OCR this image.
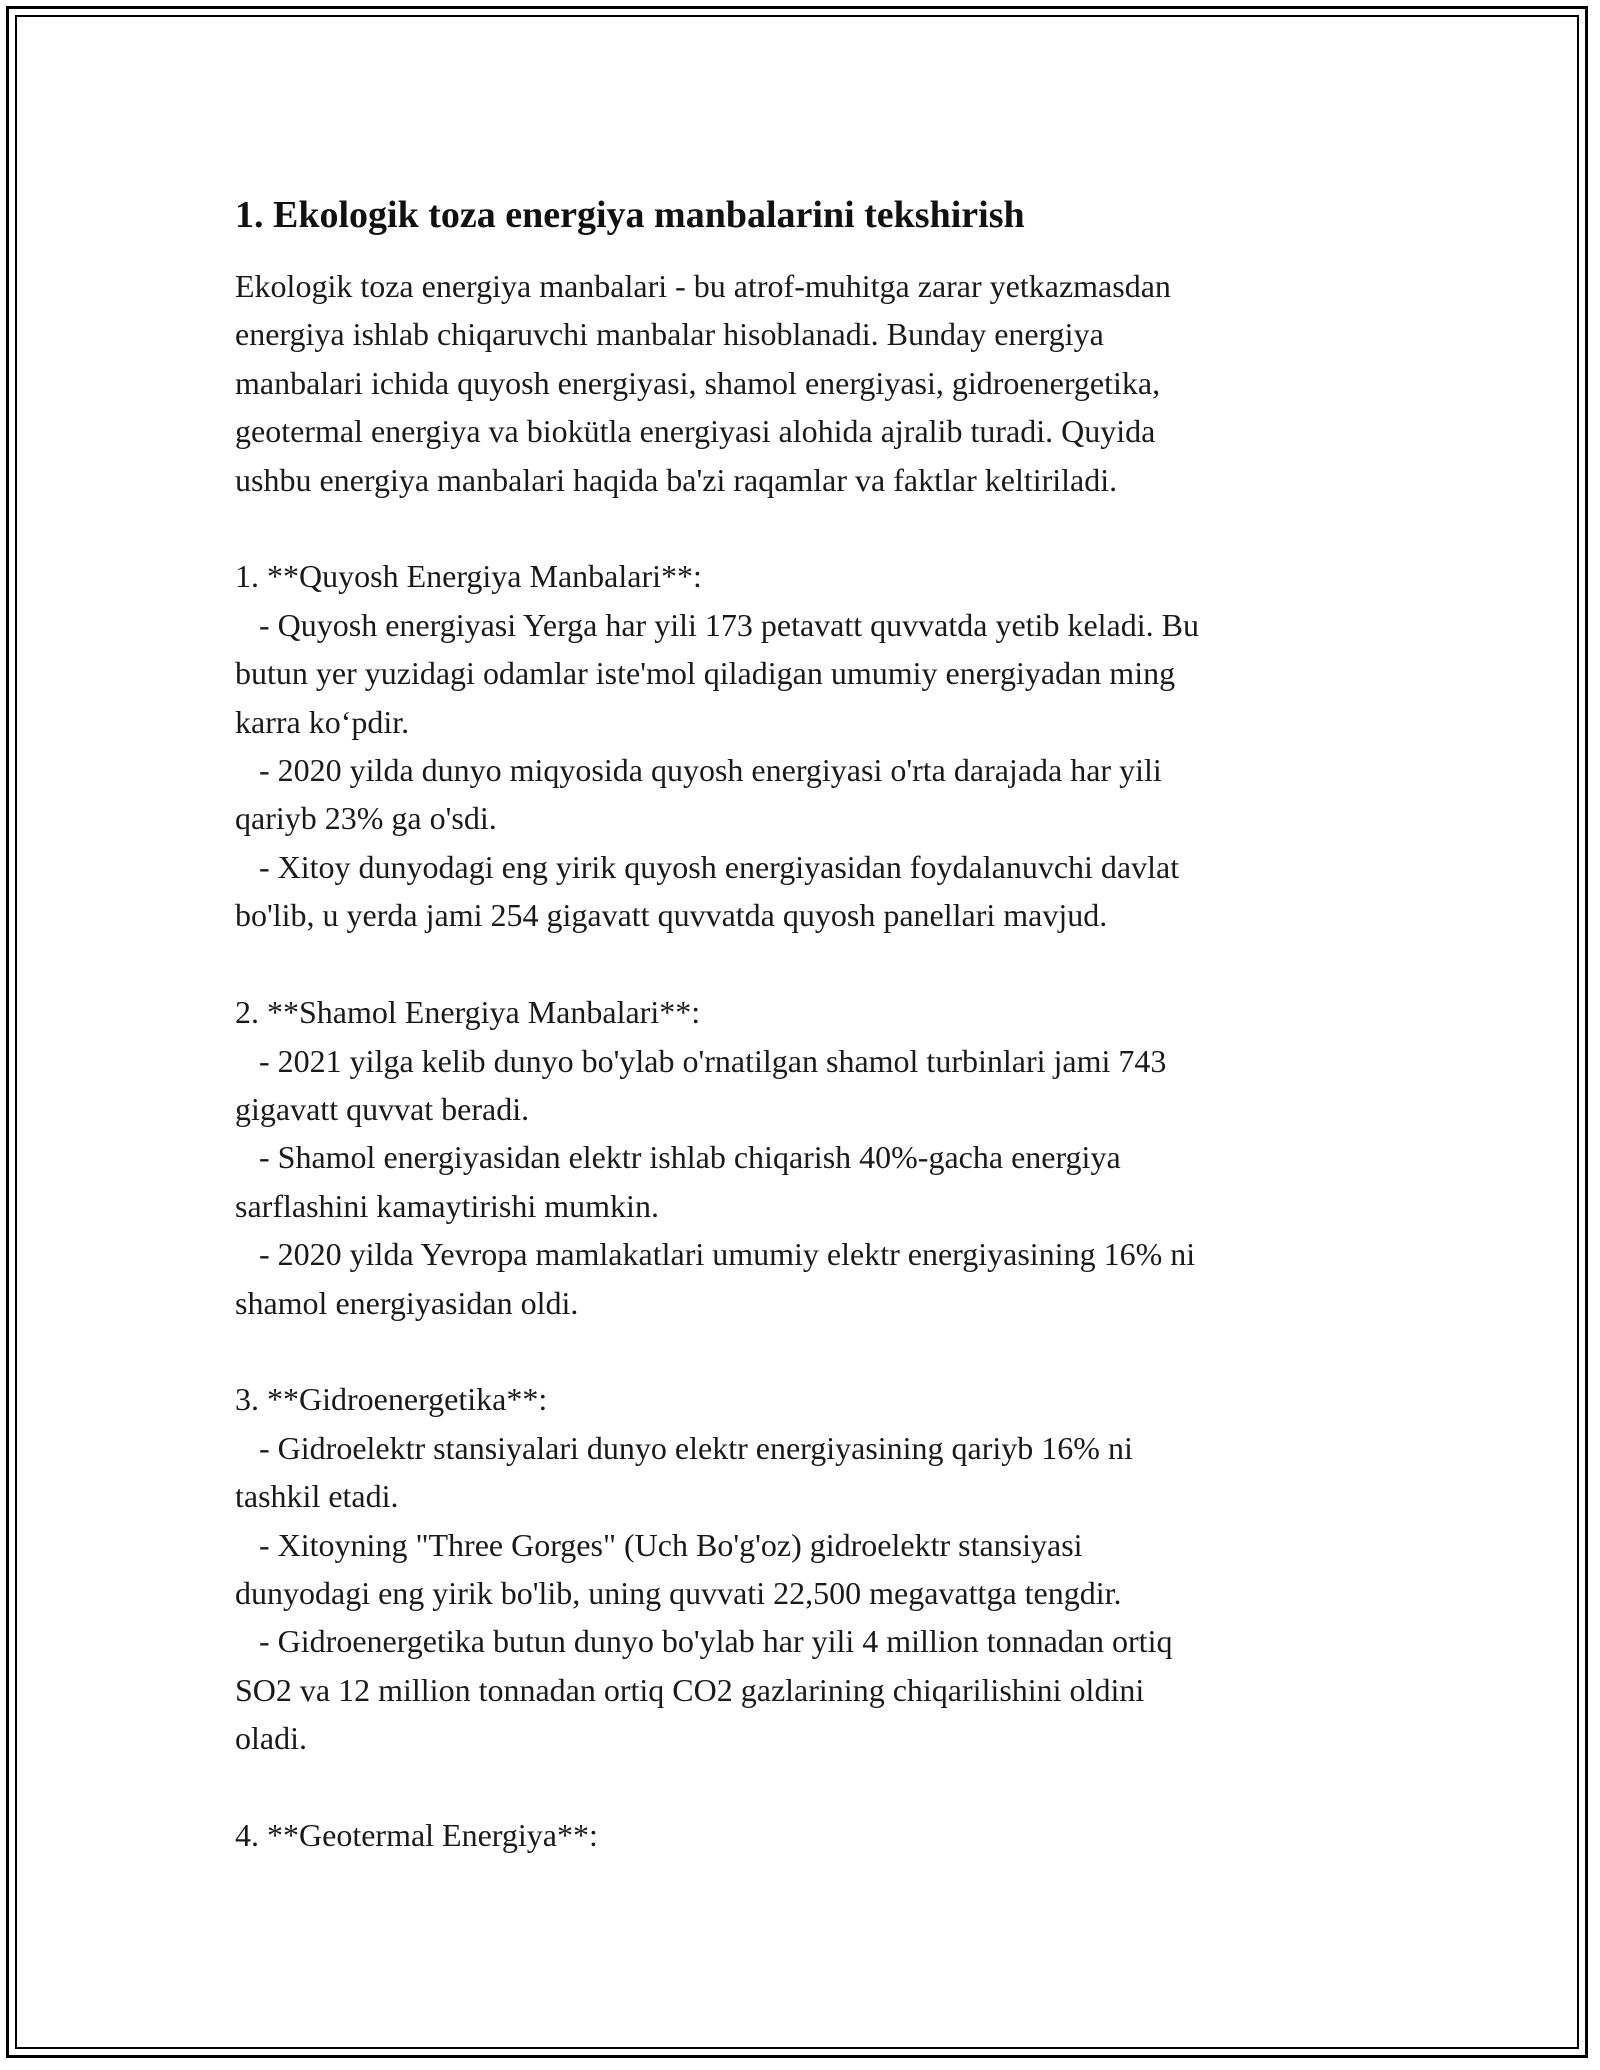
1. Ekologik toza energiya manbalarini tekshirish
Ekologik toza energiya manbalari - bu atrof-muhitga zarar yetkazmasdan
energiya ishlab chiqaruvchi manbalar hisoblanadi. Bunday energiya
manbalari ichida quyosh energiyasi, shamol energiyasi, gidroenergetika,
geotermal energiya va biokütla energiyasi alohida ajralib turadi. Quyida
ushbu energiya manbalari haqida ba'zi raqamlar va faktlar keltiriladi.

1. **Quyosh Energiya Manbalari**:
- Quyosh energiyasi Yerga har yili 173 petavatt quvvatda yetib keladi. Bu
butun yer yuzidagi odamlar iste'mol qiladigan umumiy energiyadan ming
karra ko‘pdir.
- 2020 yilda dunyo miqyosida quyosh energiyasi o'rta darajada har yili
qariyb 23% ga o'sdi.
- Xitoy dunyodagi eng yirik quyosh energiyasidan foydalanuvchi davlat
bo'lib, u yerda jami 254 gigavatt quvvatda quyosh panellari mavjud.

2. **Shamol Energiya Manbalari**:
- 2021 yilga kelib dunyo bo'ylab o'rnatilgan shamol turbinlari jami 743
gigavatt quvvat beradi.
- Shamol energiyasidan elektr ishlab chiqarish 40%-gacha energiya
sarflashini kamaytirishi mumkin.
- 2020 yilda Yevropa mamlakatlari umumiy elektr energiyasining 16% ni
shamol energiyasidan oldi.

3. **Gidroenergetika**:
- Gidroelektr stansiyalari dunyo elektr energiyasining qariyb 16% ni
tashkil etadi.
- Xitoyning "Three Gorges" (Uch Bo'g'oz) gidroelektr stansiyasi
dunyodagi eng yirik bo'lib, uning quvvati 22,500 megavattga tengdir.
- Gidroenergetika butun dunyo bo'ylab har yili 4 million tonnadan ortiq
SO2 va 12 million tonnadan ortiq CO2 gazlarining chiqarilishini oldini
oladi.

4. **Geotermal Energiya**:
